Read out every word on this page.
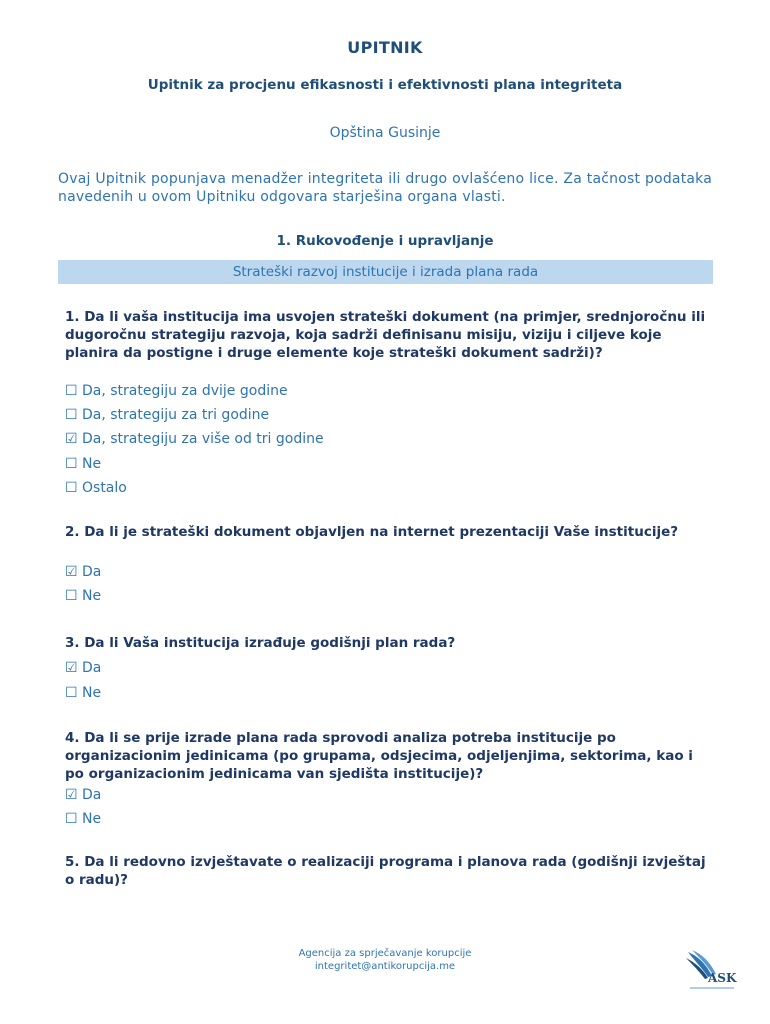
UPITNIK
Upitnik za procjenu efikasnosti i efektivnosti plana integriteta
Opština Gusinje
Ovaj Upitnik popunjava menadžer integriteta ili drugo ovlašćeno lice. Za tačnost podataka navedenih u ovom Upitniku odgovara starješina organa vlasti.
1. Rukovođenje i upravljanje
Strateški razvoj institucije i izrada plana rada
1. Da li vaša institucija ima usvojen strateški dokument (na primjer, srednjoročnu ili dugoročnu strategiju razvoja, koja sadrži definisanu misiju, viziju i ciljeve koje planira da postigne i druge elemente koje strateški dokument sadrži)?
☐ Da, strategiju za dvije godine
☐ Da, strategiju za tri godine
☑ Da, strategiju za više od tri godine
☐ Ne
☐ Ostalo
2. Da li je strateški dokument objavljen na internet prezentaciji Vaše institucije?
☑ Da
☐ Ne
3. Da li Vaša institucija izrađuje godišnji plan rada?
☑ Da
☐ Ne
4. Da li se prije izrade plana rada sprovodi analiza potreba institucije po organizacionim jedinicama (po grupama, odsjecima, odjeljenjima, sektorima, kao i po organizacionim jedinicama van sjedišta institucije)?
☑ Da
☐ Ne
5. Da li redovno izvještavate o realizaciji programa i planova rada (godišnji izvještaj o radu)?
Agencija za sprječavanje korupcije
integritet@antikorupcija.me
ASK
